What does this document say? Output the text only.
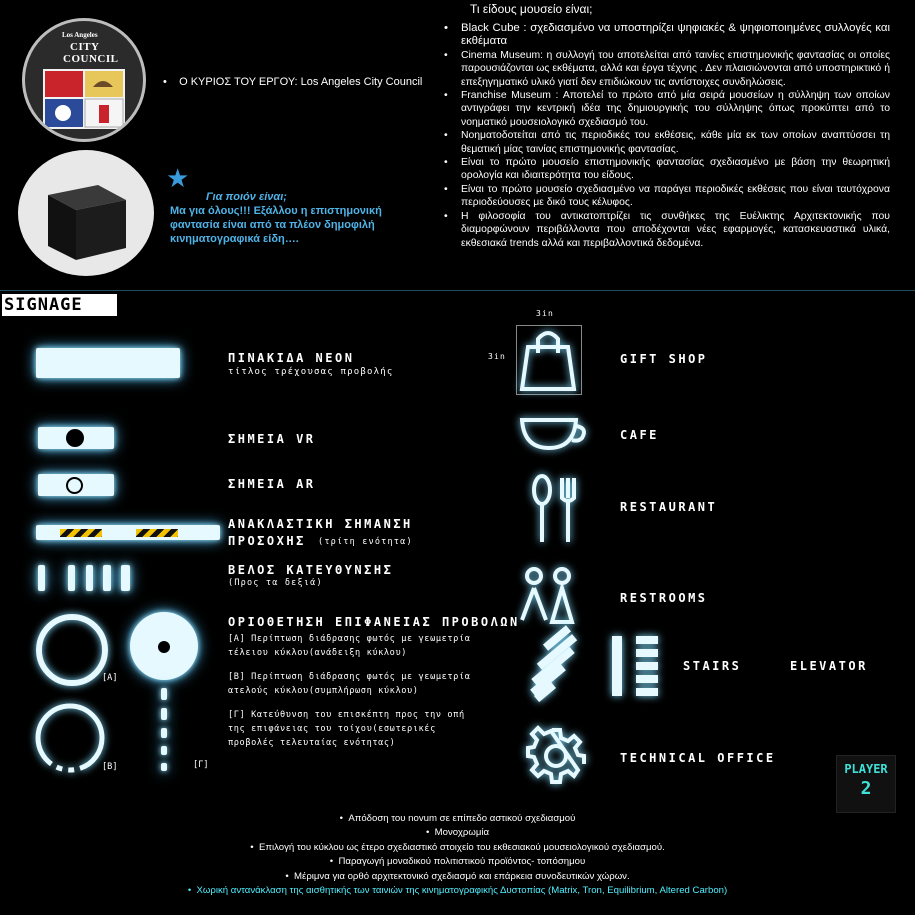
Los Angeles
CITY
COUNCIL
•    Ο ΚΥΡΙΟΣ ΤΟΥ ΕΡΓΟΥ: Los Angeles City Council
★
Για ποιόν είναι;
Μα για όλους!!! Εξάλλου η επιστημονική
φαντασία είναι από τα πλέον δημοφιλή
κινηματογραφικά είδη….
Τι είδους μουσείο είναι;
• Black Cube : σχεδιασμένο να υποστηρίζει ψηφιακές & ψηφιοποιημένες συλλογές και εκθέματα
• Cinema Museum: η συλλογή του αποτελείται από ταινίες επιστημονικής φαντασίας οι οποίες παρουσιάζονται ως εκθέματα, αλλά και έργα τέχνης . Δεν πλαισιώνονται από υποστηρικτικό ή επεξηγηματικό υλικό γιατί δεν επιδιώκουν τις αντίστοιχες συνδηλώσεις.
• Franchise Museum : Αποτελεί το πρώτο από μία σειρά μουσείων η σύλληψη των οποίων αντιγράφει την κεντρική ιδέα της δημιουργικής του σύλληψης όπως προκύπτει από το νοηματικό μουσειολογικό σχεδιασμό του.
• Νοηματοδοτείται από τις περιοδικές του εκθέσεις, κάθε μία εκ των οποίων αναπτύσσει τη θεματική μίας ταινίας επιστημονικής φαντασίας.
• Είναι το πρώτο μουσείο επιστημονικής φαντασίας σχεδιασμένο με βάση την θεωρητική ορολογία και ιδιαιτερότητα του είδους.
• Είναι το πρώτο μουσείο σχεδιασμένο να παράγει περιοδικές εκθέσεις που είναι ταυτόχρονα περιοδεύουσες με δικό τους κέλυφος.
• Η φιλοσοφία του αντικατοπτρίζει τις συνθήκες της Ευέλικτης Αρχιτεκτονικής που διαμορφώνουν περιβάλλοντα που αποδέχονται νέες εφαρμογές, κατασκευαστικά υλικά, εκθεσιακά trends αλλά και περιβαλλοντικά δεδομένα.
SIGNAGE
ΠΙΝΑΚΙΔΑ ΝΕΟΝ
τίτλος τρέχουσας προβολής
ΣΗΜΕΙΑ VR
ΣΗΜΕΙΑ AR
ΑΝΑΚΛΑΣΤΙΚΗ ΣΗΜΑΝΣΗ
ΠΡΟΣΟΧΗΣ (τρίτη ενότητα)
ΒΕΛΟΣ ΚΑΤΕΥΘΥΝΣΗΣ
(Προς τα δεξιά)
[Α]
[Β]	[Γ]
ΟΡΙΟΘΕΤΗΣΗ ΕΠΙΦΑΝΕΙΑΣ ΠΡΟΒΟΛΩΝ
[Α] Περίπτωση διάδρασης φωτός με γεωμετρία
τέλειου κύκλου(ανάδειξη κύκλου)
[Β] Περίπτωση διάδρασης φωτός με γεωμετρία
ατελούς κύκλου(συμπλήρωση κύκλου)
[Γ] Κατεύθυνση του επισκέπτη προς την οπή
της επιφάνειας του τοίχου(εσωτερικές
προβολές τελευταίας ενότητας)
3in
3in	GIFT SHOP
CAFE
RESTAURANT
RESTROOMS
STAIRS	ELEVATOR
TECHNICAL OFFICE
PLAYER
2
•  Απόδοση του novum σε επίπεδο αστικού σχεδιασμού
•  Μονοχρωμία
•  Επιλογή του κύκλου ως έτερο σχεδιαστικό στοιχείο του εκθεσιακού μουσειολογικού σχεδιασμού.
•  Παραγωγή μοναδικού πολιτιστικού προϊόντος- τοπόσημου
•  Μέριμνα για ορθό αρχιτεκτονικό σχεδιασμό και επάρκεια συνοδευτικών χώρων.
•  Χωρική αντανάκλαση της αισθητικής των ταινιών της κινηματογραφικής Δυστοπίας (Matrix, Tron, Equilibrium, Altered Carbon)
